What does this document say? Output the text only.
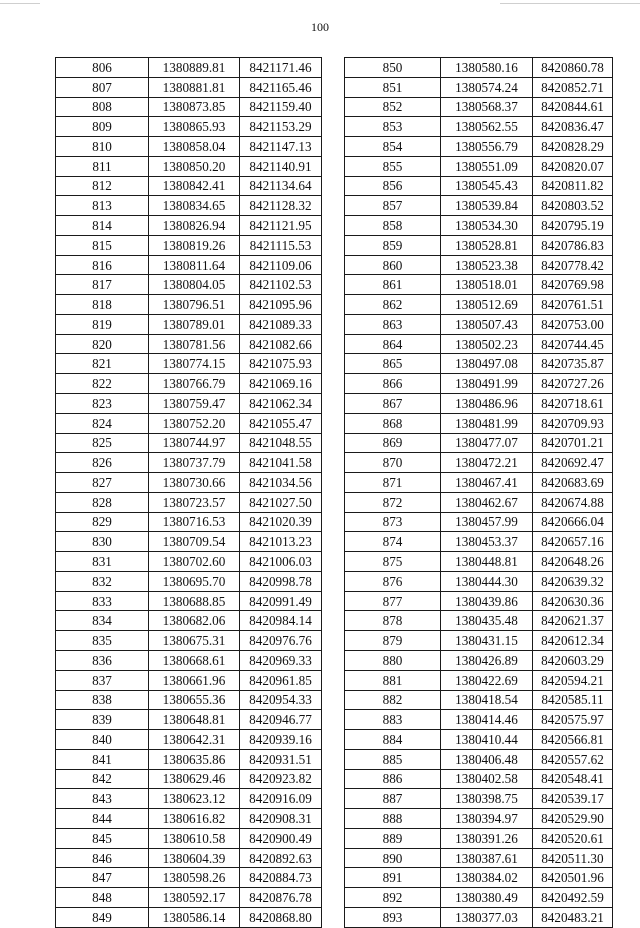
100
806	1380889.81	8421171.46
807	1380881.81	8421165.46
808	1380873.85	8421159.40
809	1380865.93	8421153.29
810	1380858.04	8421147.13
811	1380850.20	8421140.91
812	1380842.41	8421134.64
813	1380834.65	8421128.32
814	1380826.94	8421121.95
815	1380819.26	8421115.53
816	1380811.64	8421109.06
817	1380804.05	8421102.53
818	1380796.51	8421095.96
819	1380789.01	8421089.33
820	1380781.56	8421082.66
821	1380774.15	8421075.93
822	1380766.79	8421069.16
823	1380759.47	8421062.34
824	1380752.20	8421055.47
825	1380744.97	8421048.55
826	1380737.79	8421041.58
827	1380730.66	8421034.56
828	1380723.57	8421027.50
829	1380716.53	8421020.39
830	1380709.54	8421013.23
831	1380702.60	8421006.03
832	1380695.70	8420998.78
833	1380688.85	8420991.49
834	1380682.06	8420984.14
835	1380675.31	8420976.76
836	1380668.61	8420969.33
837	1380661.96	8420961.85
838	1380655.36	8420954.33
839	1380648.81	8420946.77
840	1380642.31	8420939.16
841	1380635.86	8420931.51
842	1380629.46	8420923.82
843	1380623.12	8420916.09
844	1380616.82	8420908.31
845	1380610.58	8420900.49
846	1380604.39	8420892.63
847	1380598.26	8420884.73
848	1380592.17	8420876.78
849	1380586.14	8420868.80
850	1380580.16	8420860.78
851	1380574.24	8420852.71
852	1380568.37	8420844.61
853	1380562.55	8420836.47
854	1380556.79	8420828.29
855	1380551.09	8420820.07
856	1380545.43	8420811.82
857	1380539.84	8420803.52
858	1380534.30	8420795.19
859	1380528.81	8420786.83
860	1380523.38	8420778.42
861	1380518.01	8420769.98
862	1380512.69	8420761.51
863	1380507.43	8420753.00
864	1380502.23	8420744.45
865	1380497.08	8420735.87
866	1380491.99	8420727.26
867	1380486.96	8420718.61
868	1380481.99	8420709.93
869	1380477.07	8420701.21
870	1380472.21	8420692.47
871	1380467.41	8420683.69
872	1380462.67	8420674.88
873	1380457.99	8420666.04
874	1380453.37	8420657.16
875	1380448.81	8420648.26
876	1380444.30	8420639.32
877	1380439.86	8420630.36
878	1380435.48	8420621.37
879	1380431.15	8420612.34
880	1380426.89	8420603.29
881	1380422.69	8420594.21
882	1380418.54	8420585.11
883	1380414.46	8420575.97
884	1380410.44	8420566.81
885	1380406.48	8420557.62
886	1380402.58	8420548.41
887	1380398.75	8420539.17
888	1380394.97	8420529.90
889	1380391.26	8420520.61
890	1380387.61	8420511.30
891	1380384.02	8420501.96
892	1380380.49	8420492.59
893	1380377.03	8420483.21
